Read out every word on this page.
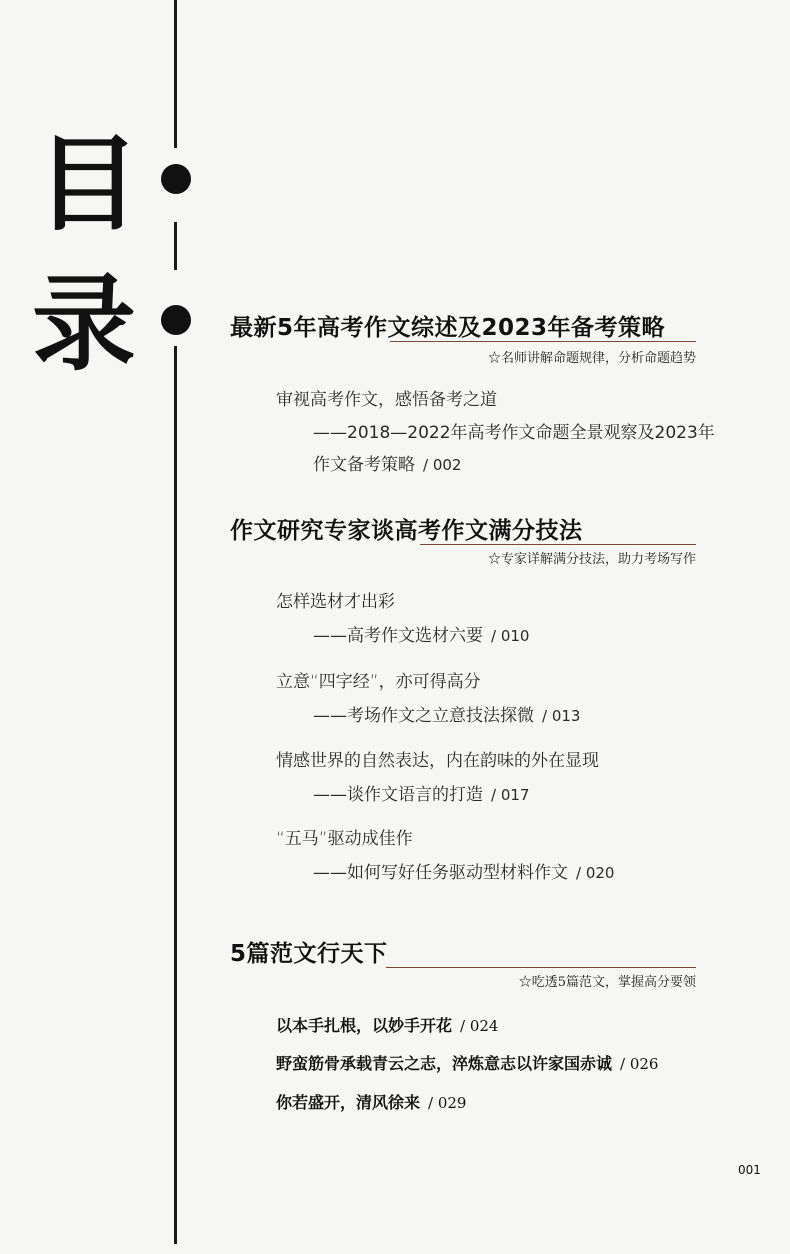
目
录	最新5年高考作文综述及2023年备考策略
☆名师讲解命题规律，分析命题趋势
审视高考作文，感悟备考之道
——2018—2022年高考作文命题全景观察及2023年
作文备考策略 / 002
作文研究专家谈高考作文满分技法
☆专家详解满分技法，助力考场写作
怎样选材才出彩
——高考作文选材六要 / 010
立意“四字经”，亦可得高分
——考场作文之立意技法探微 / 013
情感世界的自然表达，内在韵味的外在显现
——谈作文语言的打造 / 017
“五马”驱动成佳作
——如何写好任务驱动型材料作文 / 020
5篇范文行天下
☆吃透5篇范文，掌握高分要领
以本手扎根，以妙手开花 / 024
野蛮筋骨承载青云之志，淬炼意志以许家国赤诚 / 026
你若盛开，清风徐来 / 029
001
